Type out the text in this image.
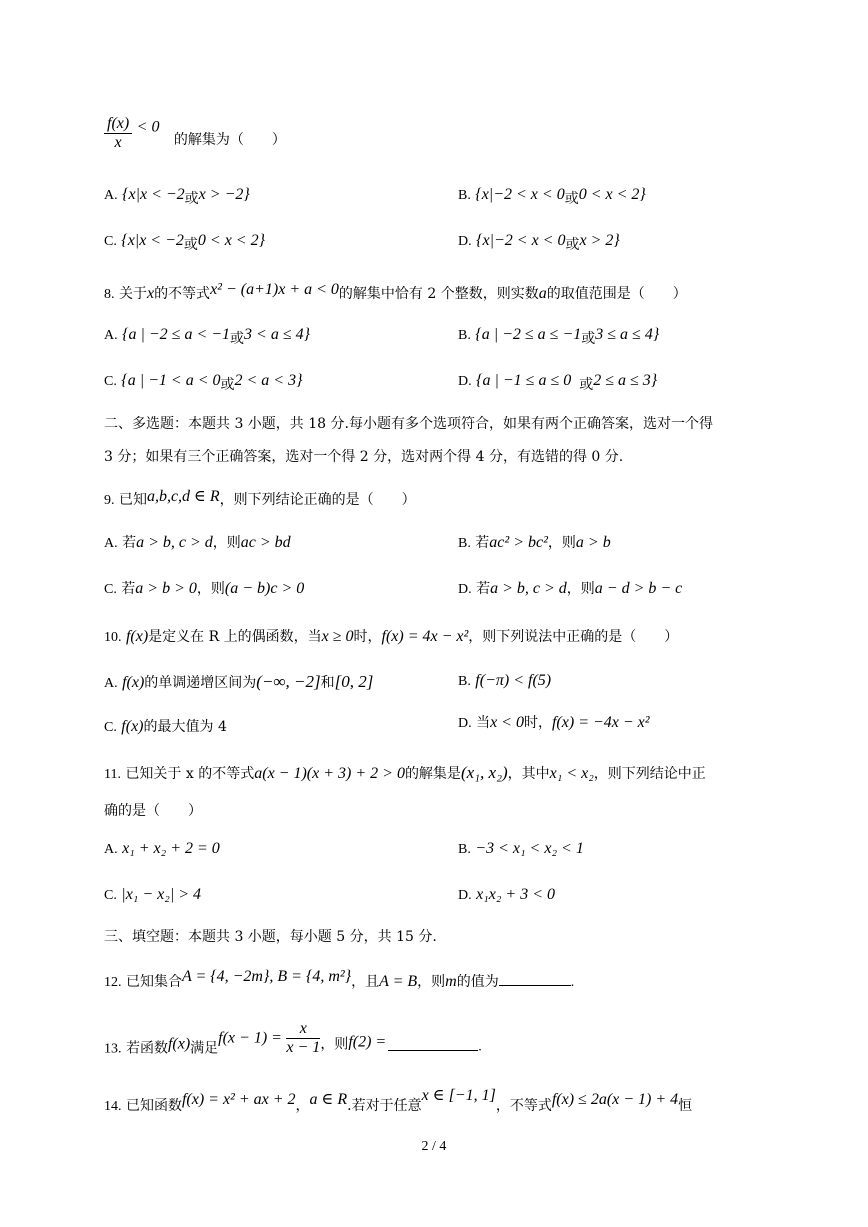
$\frac{f(x)}{x} < 0$ 的解集为（　　）
A. {x|x < −2或x > −2}	B. {x|−2 < x < 0或0 < x < 2}
C. {x|x < −2或0 < x < 2}	D. {x|−2 < x < 0或x > 2}
8. 关于x的不等式x² − (a+1)x + a < 0的解集中恰有 2 个整数，则实数a的取值范围是（　　）
A. {a | −2 ≤ a < −1或3 < a ≤ 4}	B. {a | −2 ≤ a ≤ −1或3 ≤ a ≤ 4}
C. {a | −1 < a < 0或2 < a < 3}	D. {a | −1 ≤ a ≤ 0 或2 ≤ a ≤ 3}
二、多选题：本题共 3 小题，共 18 分.每小题有多个选项符合，如果有两个正确答案，选对一个得
3 分；如果有三个正确答案，选对一个得 2 分，选对两个得 4 分，有选错的得 0 分.
9. 已知a,b,c,d ∈ R，则下列结论正确的是（　　）
A. 若a > b, c > d，则ac > bd	B. 若ac² > bc²，则a > b
C. 若a > b > 0，则(a − b)c > 0	D. 若a > b, c > d，则a − d > b − c
10. f(x)是定义在 R 上的偶函数，当x ≥ 0时，f(x) = 4x − x²，则下列说法中正确的是（　　）
A. f(x)的单调递增区间为(−∞, −2]和[0, 2]	B. f(−π) < f(5)
C. f(x)的最大值为 4	D. 当x < 0时，f(x) = −4x − x²
11. 已知关于 x 的不等式a(x − 1)(x + 3) + 2 > 0的解集是(x₁, x₂)，其中x₁ < x₂，则下列结论中正
确的是（　　）
A. x₁ + x₂ + 2 = 0	B. −3 < x₁ < x₂ < 1
C. |x₁ − x₂| > 4	D. x₁x₂ + 3 < 0
三、填空题：本题共 3 小题，每小题 5 分，共 15 分.
12. 已知集合A = {4, −2m}, B = {4, m²}，且A = B，则m的值为	.
13. 若函数f(x)满足$f(x - 1) = \frac{x}{x - 1}$ ，则f(2) =	.
14. 已知函数f(x) = x² + ax + 2，a ∈ R.若对于任意x ∈ [−1, 1]，不等式f(x) ≤ 2a(x − 1) + 4恒
2 / 4
